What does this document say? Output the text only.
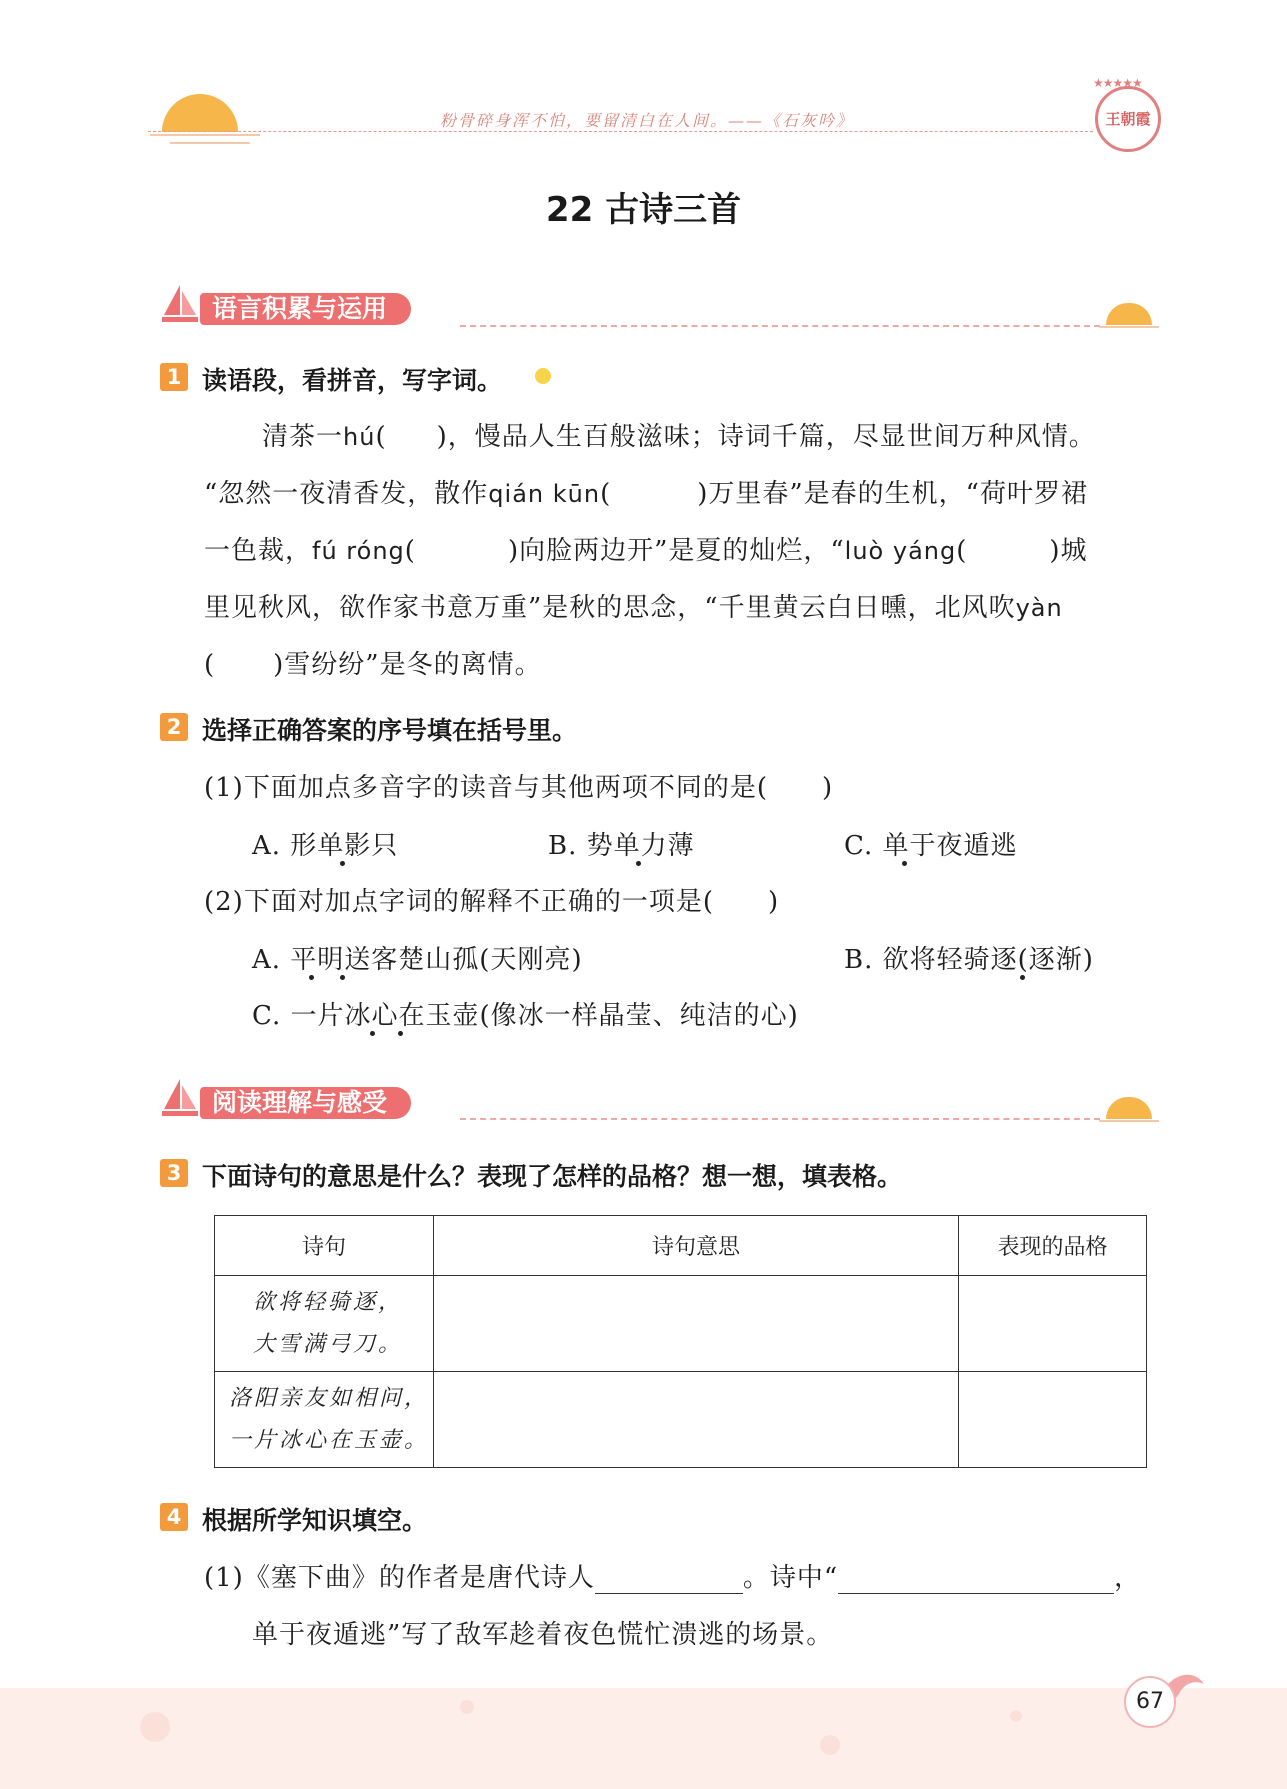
粉骨碎身浑不怕，要留清白在人间。——《石灰吟》
★★★★★
王朝霞
22 古诗三首
语言积累与运用
1 读语段，看拼音，写字词。
清茶一hú( )，慢品人生百般滋味；诗词千篇，尽显世间万种风情。
“忽然一夜清香发，散作qián kūn(	)万里春”是春的生机，“荷叶罗裙
一色裁，fú róng(	)向脸两边开”是夏的灿烂，“luò yáng(	)城
里见秋风，欲作家书意万重”是秋的思念，“千里黄云白日曛，北风吹yàn
( )雪纷纷”是冬的离情。
2 选择正确答案的序号填在括号里。
(1)下面加点多音字的读音与其他两项不同的是(　　)
A. 形单影只	B. 势单力薄	C. 单于夜遁逃
(2)下面对加点字词的解释不正确的一项是(　　)
A. 平明送客楚山孤(天刚亮)	B. 欲将轻骑逐(逐渐)
C. 一片冰心在玉壶(像冰一样晶莹、纯洁的心)
阅读理解与感受
3 下面诗句的意思是什么？表现了怎样的品格？想一想，填表格。
诗句	诗句意思	表现的品格

欲将轻骑逐，
大雪满弓刀。		

洛阳亲友如相问，
一片冰心在玉壶。		

4 根据所学知识填空。
(1)《塞下曲》的作者是唐代诗人	。诗中“	，
单于夜遁逃”写了敌军趁着夜色慌忙溃逃的场景。
67
